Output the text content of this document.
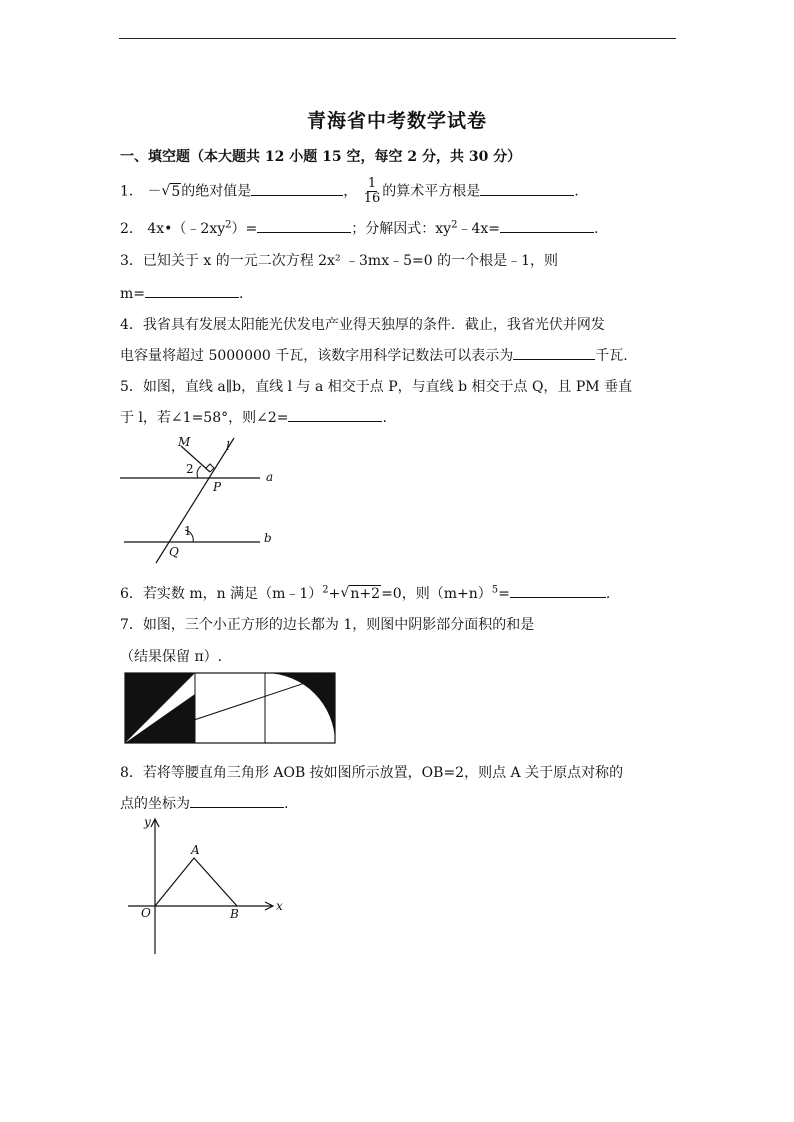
青海省中考数学试卷
一、填空题（本大题共 12 小题 15 空，每空 2 分，共 30 分）
1． － √ 5的绝对值是	， $\frac{1}{16}$ 的算术平方根是	.
2． $4x•(﹣2xy^2)=$	；分解因式：$xy^2﹣4x=$	.
3．已知关于 x 的一元二次方程 2x² ﹣3mx﹣5=0 的一个根是﹣1，则
m=	.
4．我省具有发展太阳能光伏发电产业得天独厚的条件．截止，我省光伏并网发
电容量将超过 5000000 千瓦，该数字用科学记数法可以表示为	千瓦.
5．如图，直线 a∥b，直线 l 与 a 相交于点 P，与直线 b 相交于点 Q，且 PM 垂直
于 l，若∠1=58°，则∠2=	.
M	l
2
a
P
1	b
Q
6．若实数 m，n 满足（m﹣1）$^2$+ √ n+2=0，则$(m+n)^5=$	.
7．如图，三个小正方形的边长都为 1，则图中阴影部分面积的和是
（结果保留 π）.
8．若将等腰直角三角形 AOB 按如图所示放置，OB=2，则点 A 关于原点对称的
点的坐标为	.
y
A
O	B
x
